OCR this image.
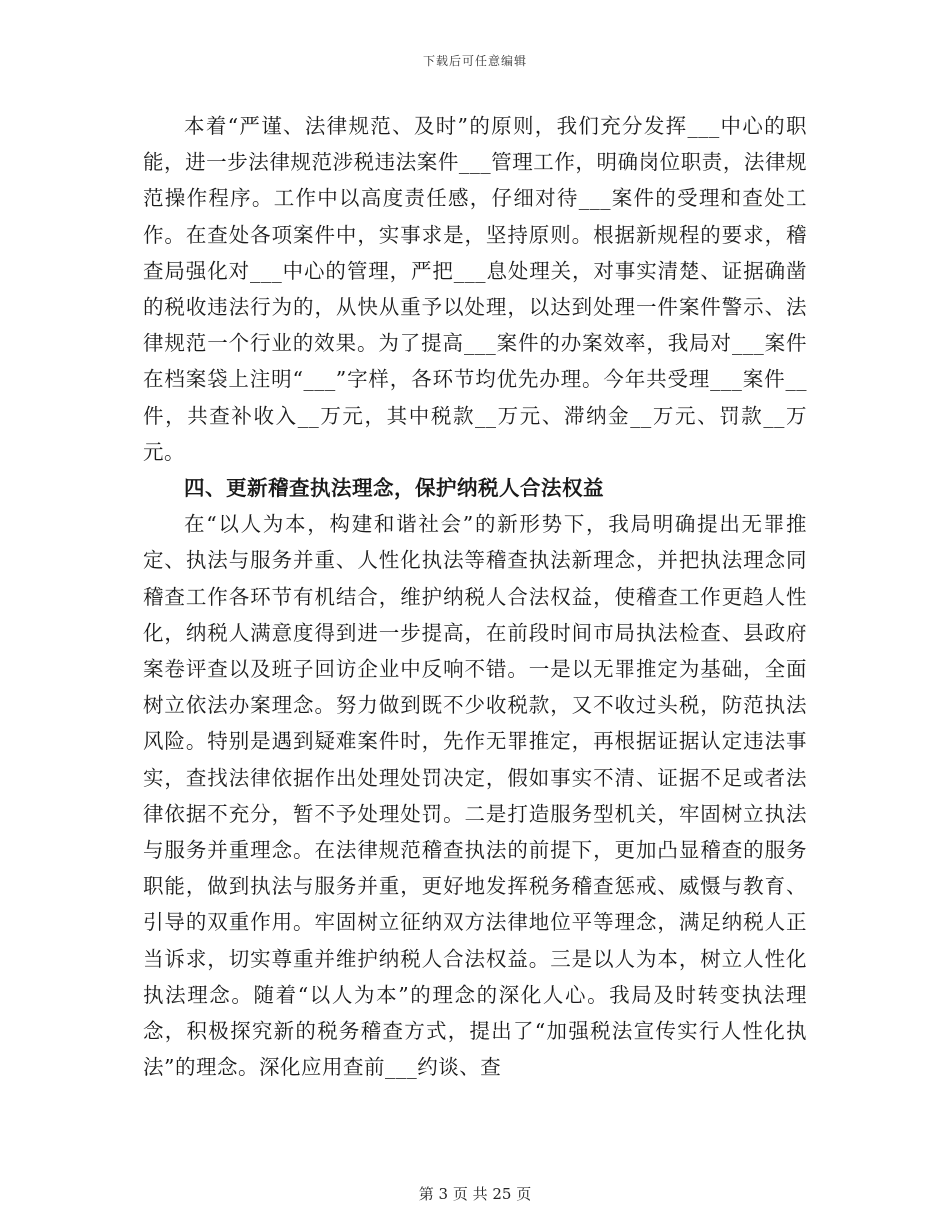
下载后可任意编辑

本着“严谨、法律规范、及时”的原则，我们充分发挥___中心的职能，进一步法律规范涉税违法案件___管理工作，明确岗位职责，法律规范操作程序。工作中以高度责任感，仔细对待___案件的受理和查处工作。在查处各项案件中，实事求是，坚持原则。根据新规程的要求，稽查局强化对___中心的管理，严把___息处理关，对事实清楚、证据确凿的税收违法行为的，从快从重予以处理，以达到处理一件案件警示、法律规范一个行业的效果。为了提高___案件的办案效率，我局对___案件在档案袋上注明“___”字样，各环节均优先办理。今年共受理___案件__件，共查补收入__万元，其中税款__万元、滞纳金__万元、罚款__万元。

四、更新稽查执法理念，保护纳税人合法权益

在“以人为本，构建和谐社会”的新形势下，我局明确提出无罪推定、执法与服务并重、人性化执法等稽查执法新理念，并把执法理念同稽查工作各环节有机结合，维护纳税人合法权益，使稽查工作更趋人性化，纳税人满意度得到进一步提高，在前段时间市局执法检查、县政府案卷评查以及班子回访企业中反响不错。一是以无罪推定为基础，全面树立依法办案理念。努力做到既不少收税款，又不收过头税，防范执法风险。特别是遇到疑难案件时，先作无罪推定，再根据证据认定违法事实，查找法律依据作出处理处罚决定，假如事实不清、证据不足或者法律依据不充分，暂不予处理处罚。二是打造服务型机关，牢固树立执法与服务并重理念。在法律规范稽查执法的前提下，更加凸显稽查的服务职能，做到执法与服务并重，更好地发挥税务稽查惩戒、威慑与教育、引导的双重作用。牢固树立征纳双方法律地位平等理念，满足纳税人正当诉求，切实尊重并维护纳税人合法权益。三是以人为本，树立人性化执法理念。随着“以人为本”的理念的深化人心。我局及时转变执法理念，积极探究新的税务稽查方式，提出了“加强税法宣传实行人性化执法”的理念。深化应用查前___约谈、查

第 3 页 共 25 页
